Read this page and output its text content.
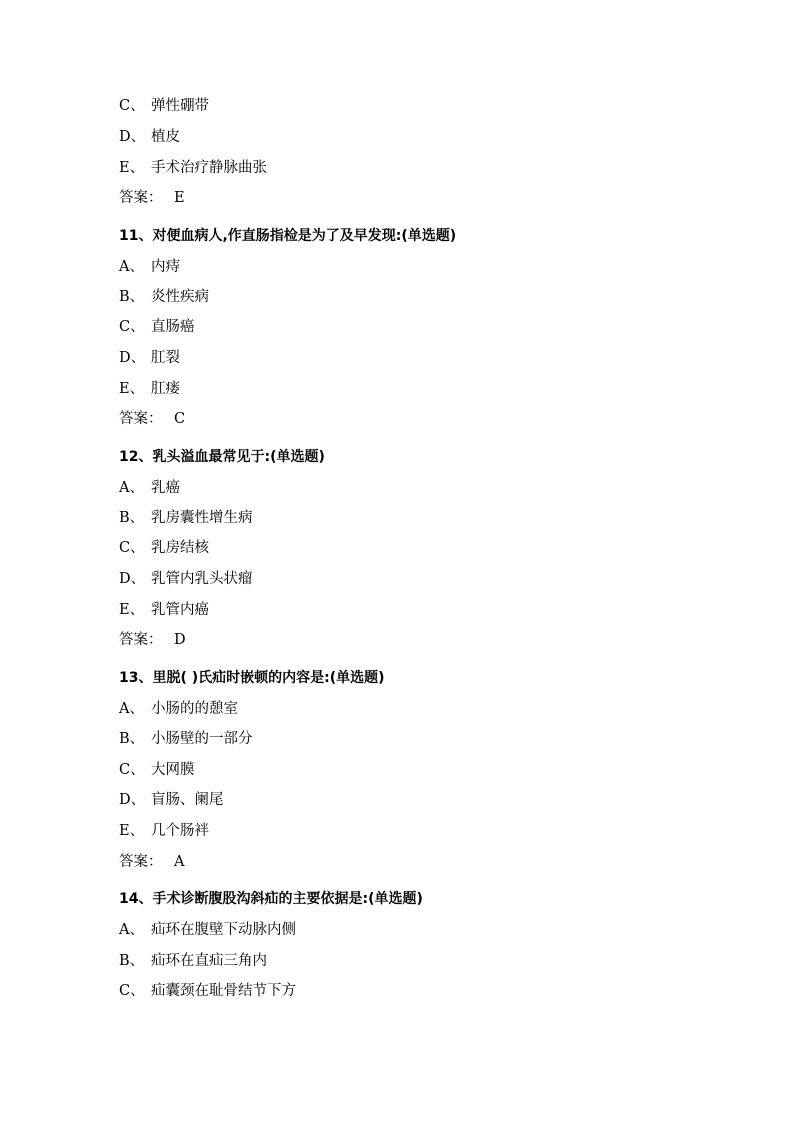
C、 弹性硼带
D、 植皮
E、 手术治疗静脉曲张
答案： E
11、对便血病人,作直肠指检是为了及早发现:(单选题)
A、 内痔
B、 炎性疾病
C、 直肠癌
D、 肛裂
E、 肛瘘
答案： C
12、乳头溢血最常见于:(单选题)
A、 乳癌
B、 乳房囊性增生病
C、 乳房结核
D、 乳管内乳头状瘤
E、 乳管内癌
答案： D
13、里脱( )氏疝时嵌顿的内容是:(单选题)
A、 小肠的的憩室
B、 小肠壁的一部分
C、 大网膜
D、 盲肠、阑尾
E、 几个肠袢
答案： A
14、手术诊断腹股沟斜疝的主要依据是:(单选题)
A、 疝环在腹壁下动脉内侧
B、 疝环在直疝三角内
C、 疝囊颈在耻骨结节下方
